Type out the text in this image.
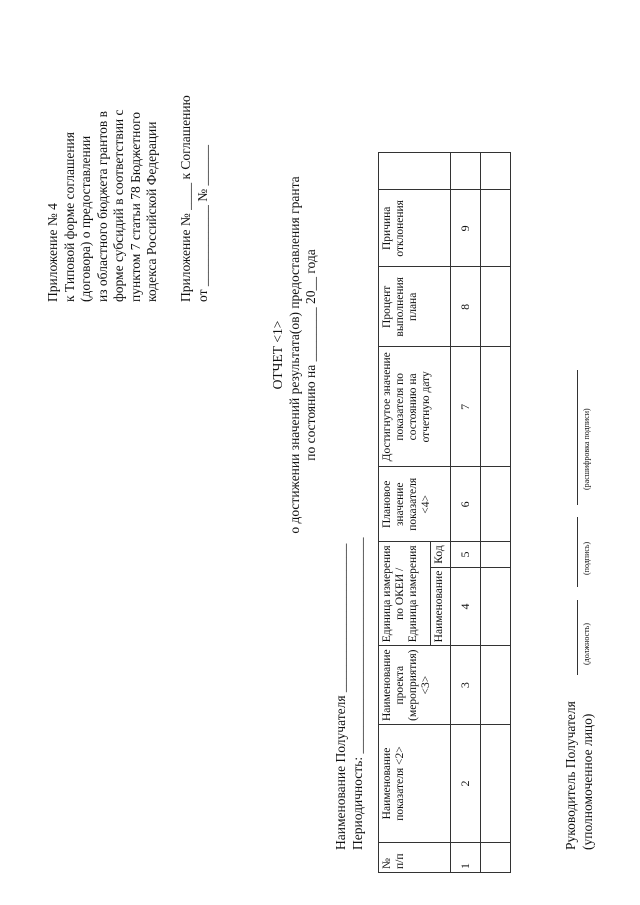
Приложение № 4 к Типовой форме соглашения (договора) о предоставлении из областного бюджета грантов в форме субсидий в соответствии с пунктом 7 статьи 78 Бюджетного кодекса Российской Федерации Приложение № ____ к Соглашению от ____________ № ______
ОТЧЕТ <1> о достижении значений результата(ов) предоставления гранта по состоянию на ________ 20__ года
Наименование Получателя ______________________ Периодичность: ________________________________
№ п/п	Наименование показателя <2>	Наименование проекта (мероприятия) <3>	Единица измерения по ОКЕИ / Единица измерения		Плановое значение показателя <4>	Достигнутое значение показателя по состоянию на отчетную дату	Процент выполнения плана	Причина отклонения	
			Наименование	Код					
1	2	3	4	5	6	7	8	9	

Руководитель Получателя (уполномоченное лицо)
(должность)
(подпись)
(расшифровка подписи)
